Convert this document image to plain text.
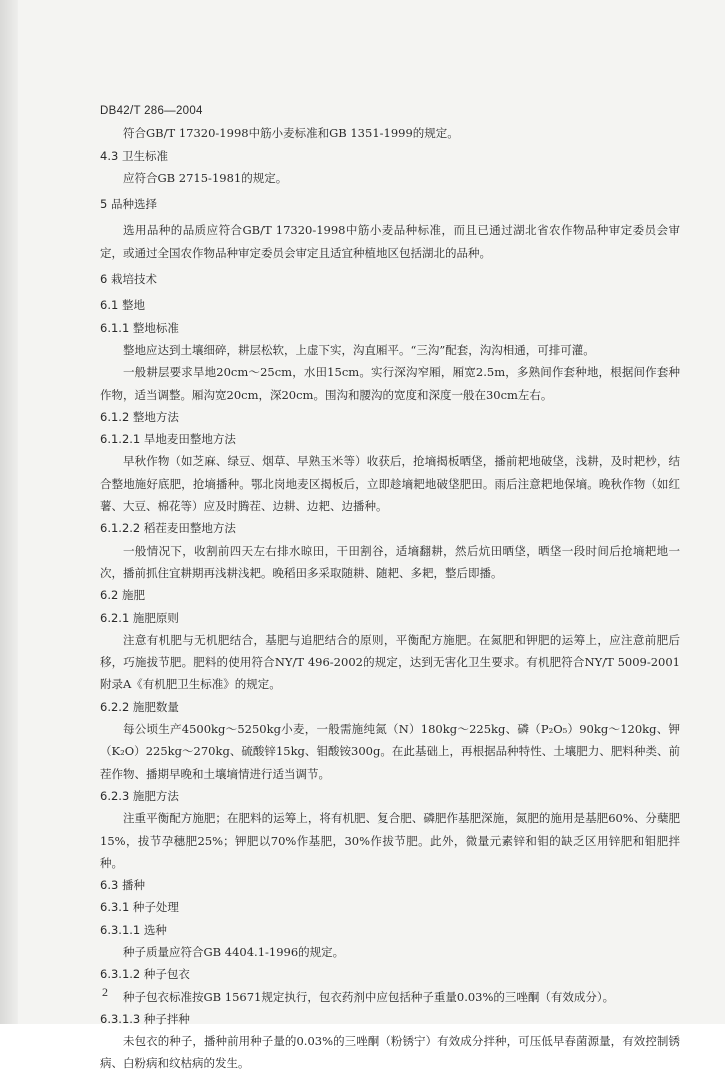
DB42/T 286—2004
符合GB/T 17320-1998中筋小麦标准和GB 1351-1999的规定。
4.3 卫生标准
应符合GB 2715-1981的规定。
5 品种选择
选用品种的品质应符合GB/T 17320-1998中筋小麦品种标准，而且已通过湖北省农作物品种审定委员会审定，或通过全国农作物品种审定委员会审定且适宜种植地区包括湖北的品种。
6 栽培技术
6.1 整地
6.1.1 整地标准
整地应达到土壤细碎，耕层松软，上虚下实，沟直厢平。“三沟”配套，沟沟相通，可排可灌。
一般耕层要求旱地20cm～25cm，水田15cm。实行深沟窄厢，厢宽2.5m，多熟间作套种地，根据间作套种作物，适当调整。厢沟宽20cm，深20cm。围沟和腰沟的宽度和深度一般在30cm左右。
6.1.2 整地方法
6.1.2.1 旱地麦田整地方法
早秋作物（如芝麻、绿豆、烟草、早熟玉米等）收获后，抢墒揭板晒垡，播前耙地破垡，浅耕，及时耙杪，结合整地施好底肥，抢墒播种。鄂北岗地麦区揭板后，立即趁墒耙地破垡肥田。雨后注意耙地保墒。晚秋作物（如红薯、大豆、棉花等）应及时腾茬、边耕、边耙、边播种。
6.1.2.2 稻茬麦田整地方法
一般情况下，收割前四天左右排水晾田，干田割谷，适墒翻耕，然后炕田晒垡，晒垡一段时间后抢墒耙地一次，播前抓住宜耕期再浅耕浅耙。晚稻田多采取随耕、随耙、多耙，整后即播。
6.2 施肥
6.2.1 施肥原则
注意有机肥与无机肥结合，基肥与追肥结合的原则，平衡配方施肥。在氮肥和钾肥的运筹上，应注意前肥后移，巧施拔节肥。肥料的使用符合NY/T 496-2002的规定，达到无害化卫生要求。有机肥符合NY/T 5009-2001附录A《有机肥卫生标准》的规定。
6.2.2 施肥数量
每公顷生产4500kg～5250kg小麦，一般需施纯氮（N）180kg～225kg、磷（P₂O₅）90kg～120kg、钾（K₂O）225kg～270kg、硫酸锌15kg、钼酸铵300g。在此基础上，再根据品种特性、土壤肥力、肥料种类、前茬作物、播期早晚和土壤墒情进行适当调节。
6.2.3 施肥方法
注重平衡配方施肥；在肥料的运筹上，将有机肥、复合肥、磷肥作基肥深施，氮肥的施用是基肥60%、分蘖肥15%，拔节孕穗肥25%；钾肥以70%作基肥，30%作拔节肥。此外，微量元素锌和钼的缺乏区用锌肥和钼肥拌种。
6.3 播种
6.3.1 种子处理
6.3.1.1 选种
种子质量应符合GB 4404.1-1996的规定。
6.3.1.2 种子包衣
种子包衣标准按GB 15671规定执行，包衣药剂中应包括种子重量0.03%的三唑酮（有效成分）。
6.3.1.3 种子拌种
未包衣的种子，播种前用种子量的0.03%的三唑酮（粉锈宁）有效成分拌种，可压低早春菌源量，有效控制锈病、白粉病和纹枯病的发生。
2
